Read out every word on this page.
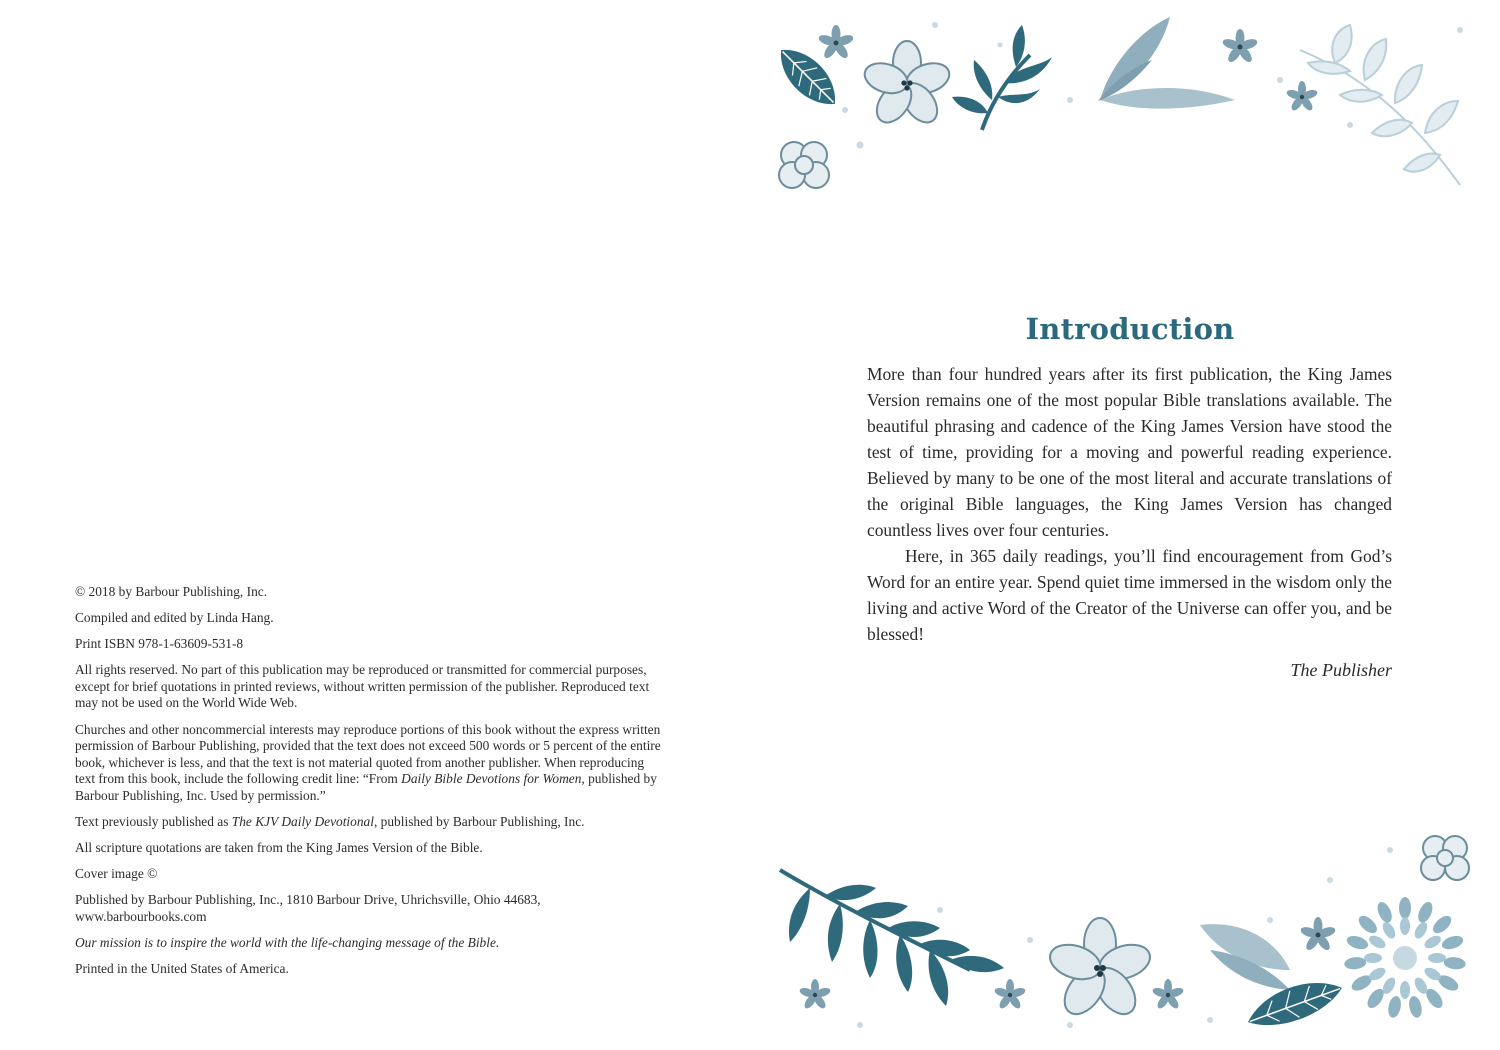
© 2018 by Barbour Publishing, Inc.

Compiled and edited by Linda Hang.

Print ISBN 978-1-63609-531-8

All rights reserved. No part of this publication may be reproduced or transmitted for commercial purposes, except for brief quotations in printed reviews, without written permission of the publisher. Reproduced text may not be used on the World Wide Web.

Churches and other noncommercial interests may reproduce portions of this book without the express written permission of Barbour Publishing, provided that the text does not exceed 500 words or 5 percent of the entire book, whichever is less, and that the text is not material quoted from another publisher. When reproducing text from this book, include the following credit line: “From Daily Bible Devotions for Women, published by Barbour Publishing, Inc. Used by permission.”

Text previously published as The KJV Daily Devotional, published by Barbour Publishing, Inc.

All scripture quotations are taken from the King James Version of the Bible.

Cover image ©

Published by Barbour Publishing, Inc., 1810 Barbour Drive, Uhrichsville, Ohio 44683, www.barbourbooks.com

Our mission is to inspire the world with the life-changing message of the Bible.

Printed in the United States of America.

Introduction

More than four hundred years after its first publication, the King James Version remains one of the most popular Bible translations available. The beautiful phrasing and cadence of the King James Version have stood the test of time, providing for a moving and powerful reading experience. Believed by many to be one of the most literal and accurate translations of the original Bible languages, the King James Version has changed countless lives over four centuries.

Here, in 365 daily readings, you’ll find encouragement from God’s Word for an entire year. Spend quiet time immersed in the wisdom only the living and active Word of the Creator of the Universe can offer you, and be blessed!

The Publisher
